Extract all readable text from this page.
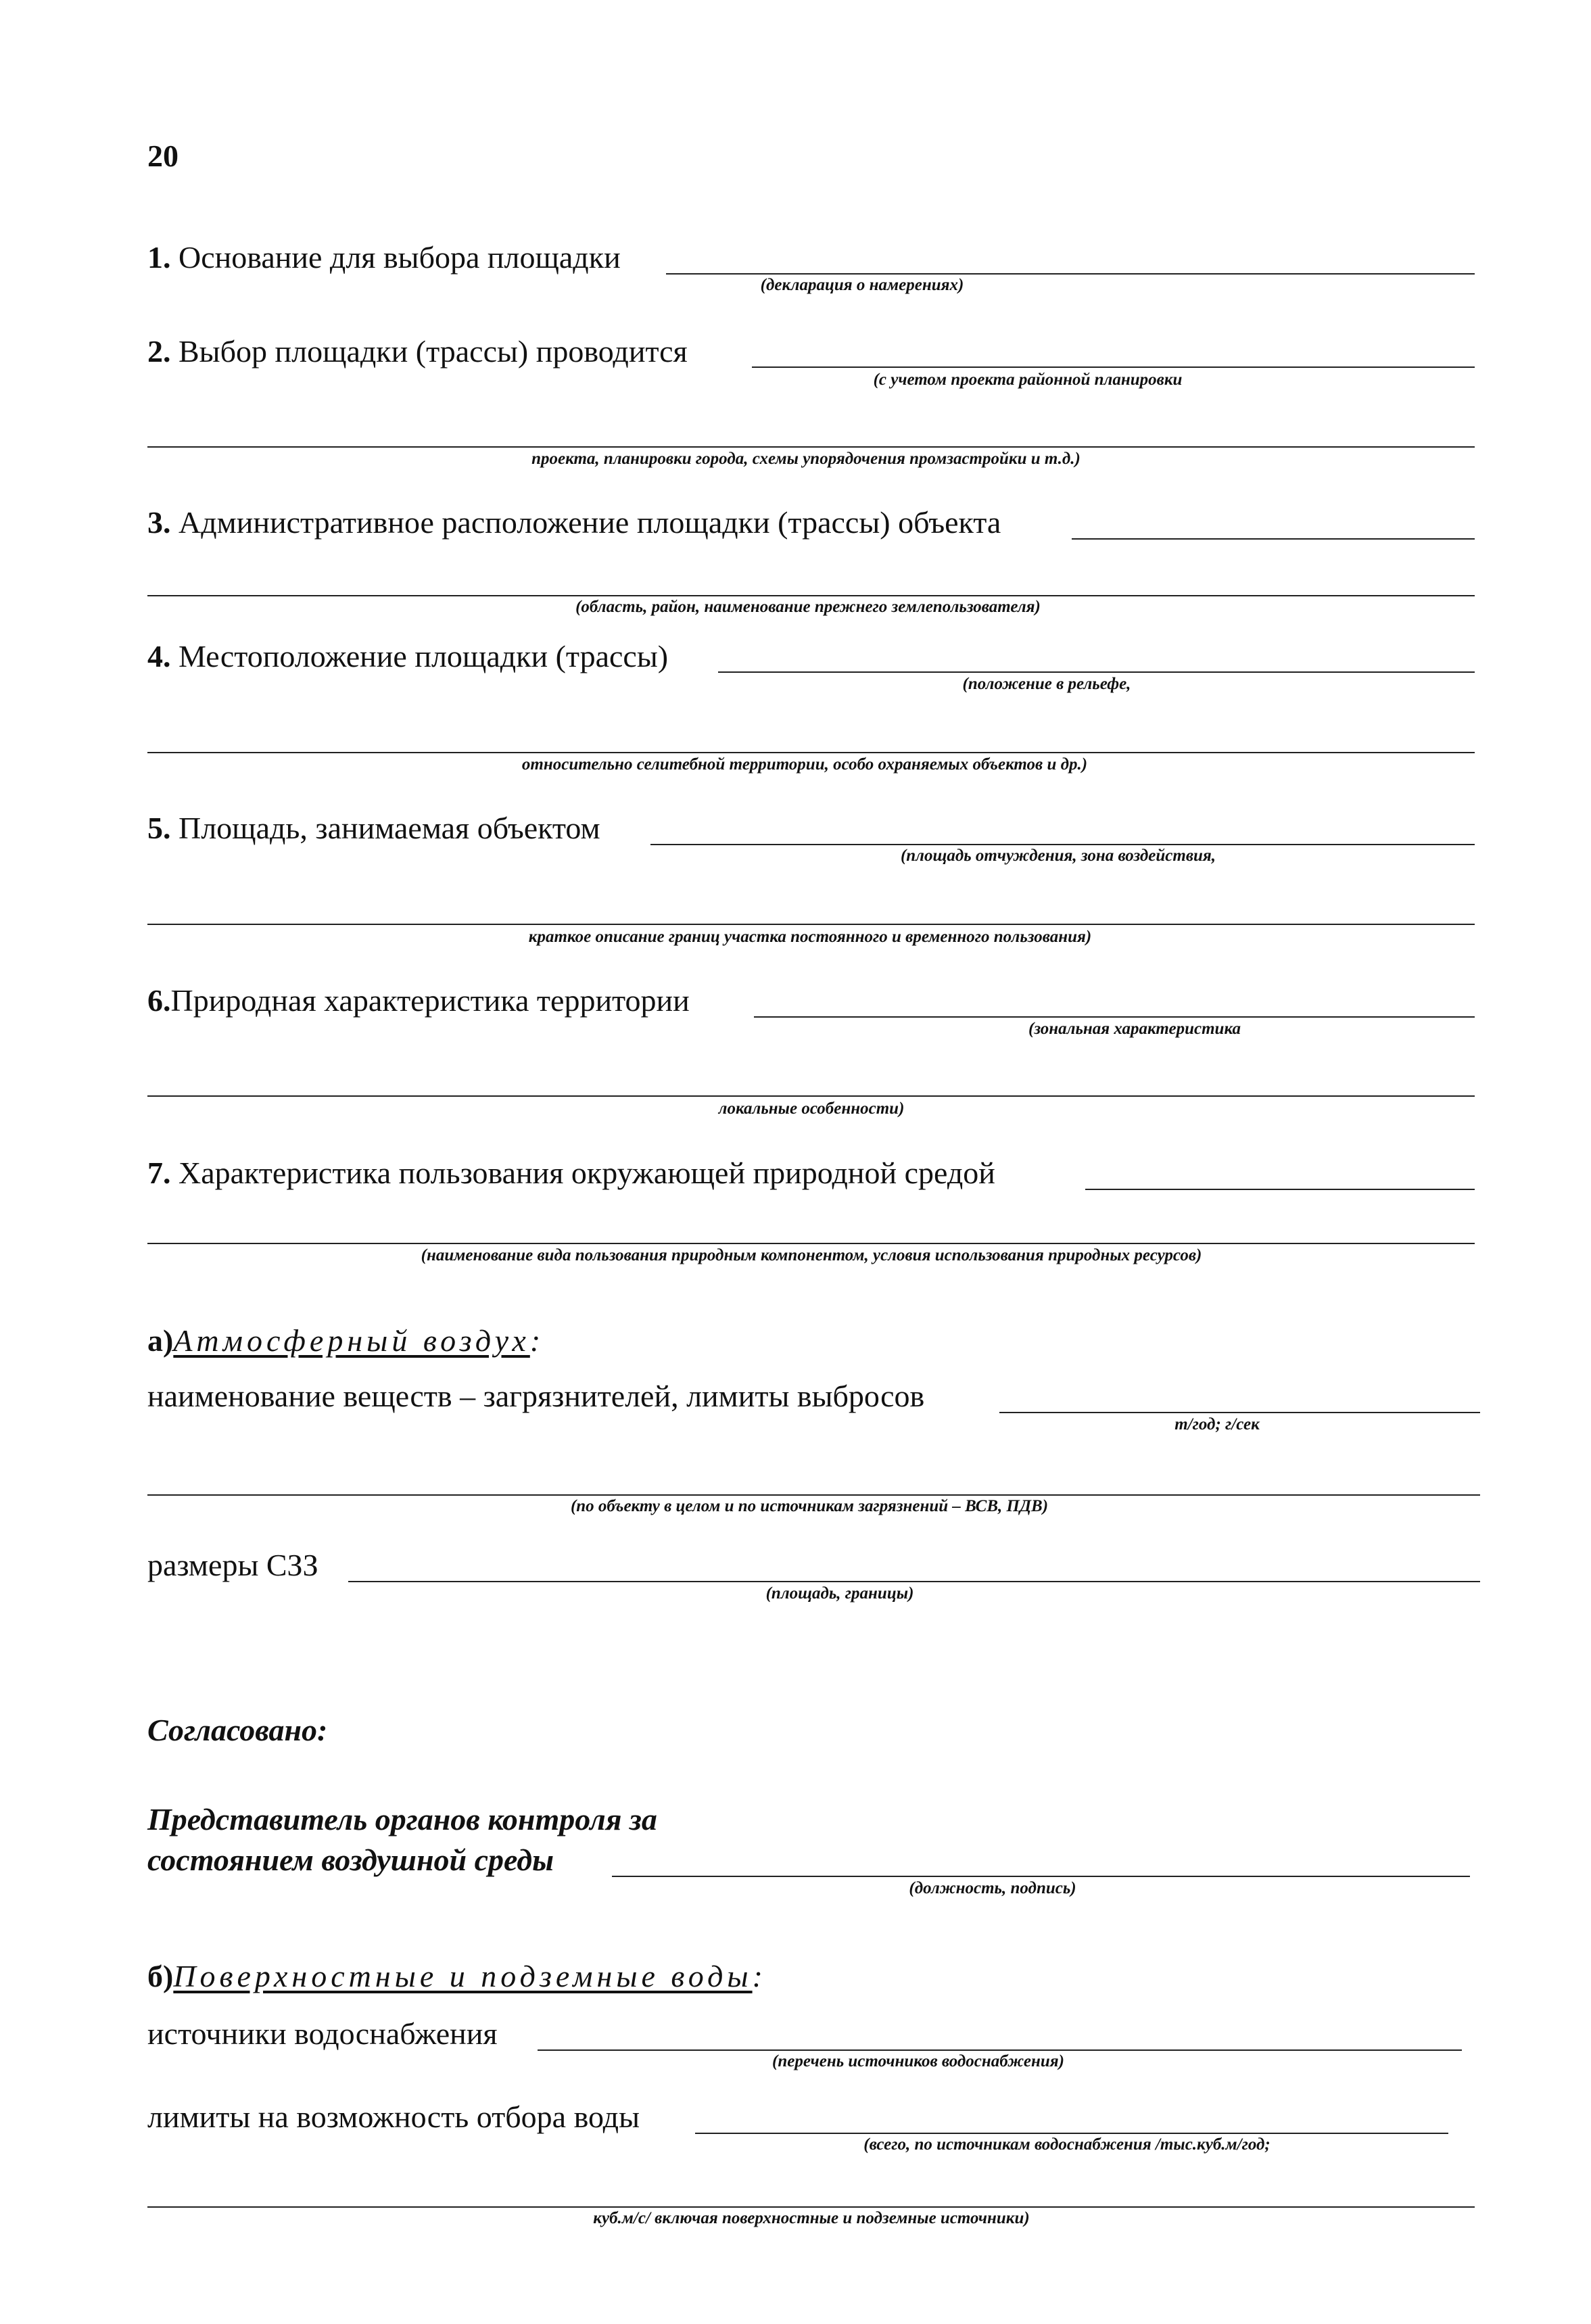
20
1. Основание для выбора площадки
(декларация о намерениях)
2. Выбор площадки (трассы) проводится
(с учетом проекта районной планировки
проекта, планировки города, схемы упорядочения промзастройки и т.д.)
3. Административное расположение площадки (трассы) объекта
(область, район, наименование прежнего землепользователя)
4. Местоположение площадки (трассы)
(положение в рельефе,
относительно селитебной территории, особо охраняемых объектов и др.)
5. Площадь, занимаемая объектом
(площадь отчуждения, зона воздействия,
краткое описание границ участка постоянного и временного пользования)
6.Природная характеристика территории
(зональная характеристика
локальные особенности)
7. Характеристика пользования окружающей природной средой
(наименование вида пользования природным компонентом, условия использования природных ресурсов)
а)Атмосферный воздух:
наименование веществ – загрязнителей, лимиты выбросов
т/год; г/сек
(по объекту в целом и по источникам загрязнений – ВСВ, ПДВ)
размеры СЗЗ
(площадь, границы)
Согласовано:
Представитель органов контроля за
состоянием воздушной среды
(должность, подпись)
б)Поверхностные и подземные воды:
источники водоснабжения
(перечень источников водоснабжения)
лимиты на возможность отбора воды
(всего, по источникам водоснабжения /тыс.куб.м/год;
куб.м/с/ включая поверхностные и подземные источники)
